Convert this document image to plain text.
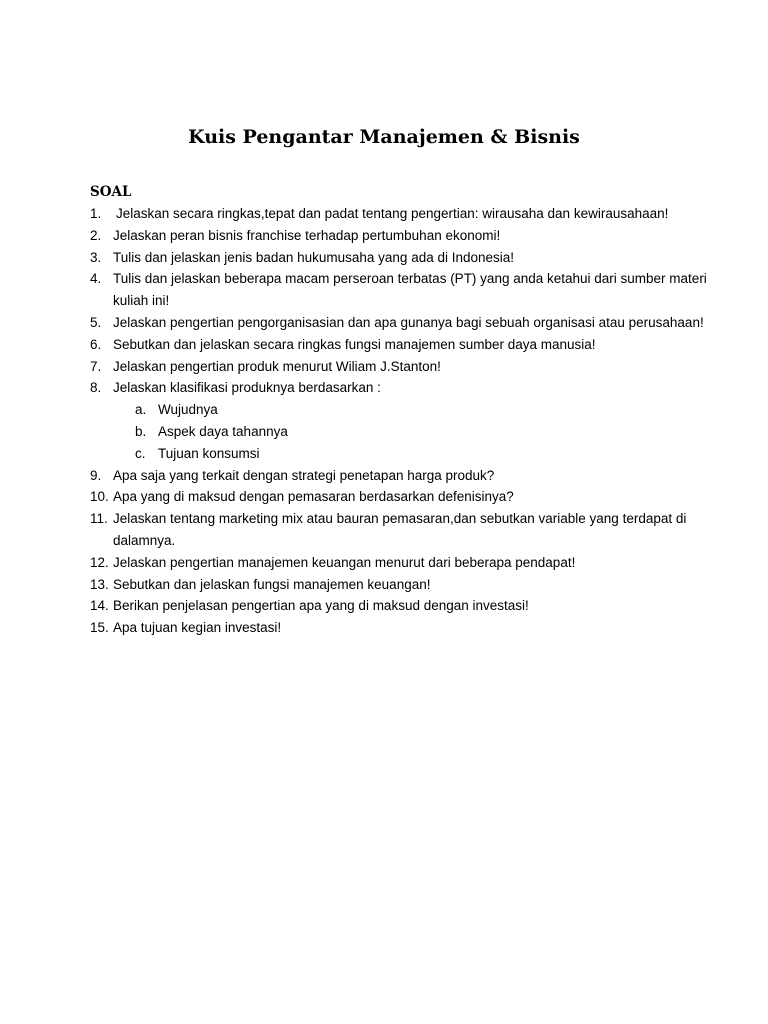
Kuis Pengantar Manajemen & Bisnis
SOAL
1. Jelaskan secara ringkas,tepat dan padat tentang pengertian: wirausaha dan kewirausahaan!
2. Jelaskan peran bisnis franchise terhadap pertumbuhan ekonomi!
3. Tulis dan jelaskan jenis badan hukumusaha yang ada di Indonesia!
4. Tulis dan jelaskan beberapa macam perseroan terbatas (PT) yang anda ketahui dari sumber materi kuliah ini!
5. Jelaskan pengertian pengorganisasian dan apa gunanya bagi sebuah organisasi atau perusahaan!
6. Sebutkan dan jelaskan secara ringkas fungsi manajemen sumber daya manusia!
7. Jelaskan pengertian produk menurut Wiliam J.Stanton!
8. Jelaskan klasifikasi produknya berdasarkan :
a. Wujudnya
b. Aspek daya tahannya
c. Tujuan konsumsi
9. Apa saja yang terkait dengan strategi penetapan harga produk?
10. Apa yang di maksud dengan pemasaran berdasarkan defenisinya?
11. Jelaskan tentang marketing mix atau bauran pemasaran,dan sebutkan variable yang terdapat di dalamnya.
12. Jelaskan pengertian manajemen keuangan menurut dari beberapa pendapat!
13. Sebutkan dan jelaskan fungsi manajemen keuangan!
14. Berikan penjelasan pengertian apa yang di maksud dengan investasi!
15. Apa tujuan kegian investasi!
